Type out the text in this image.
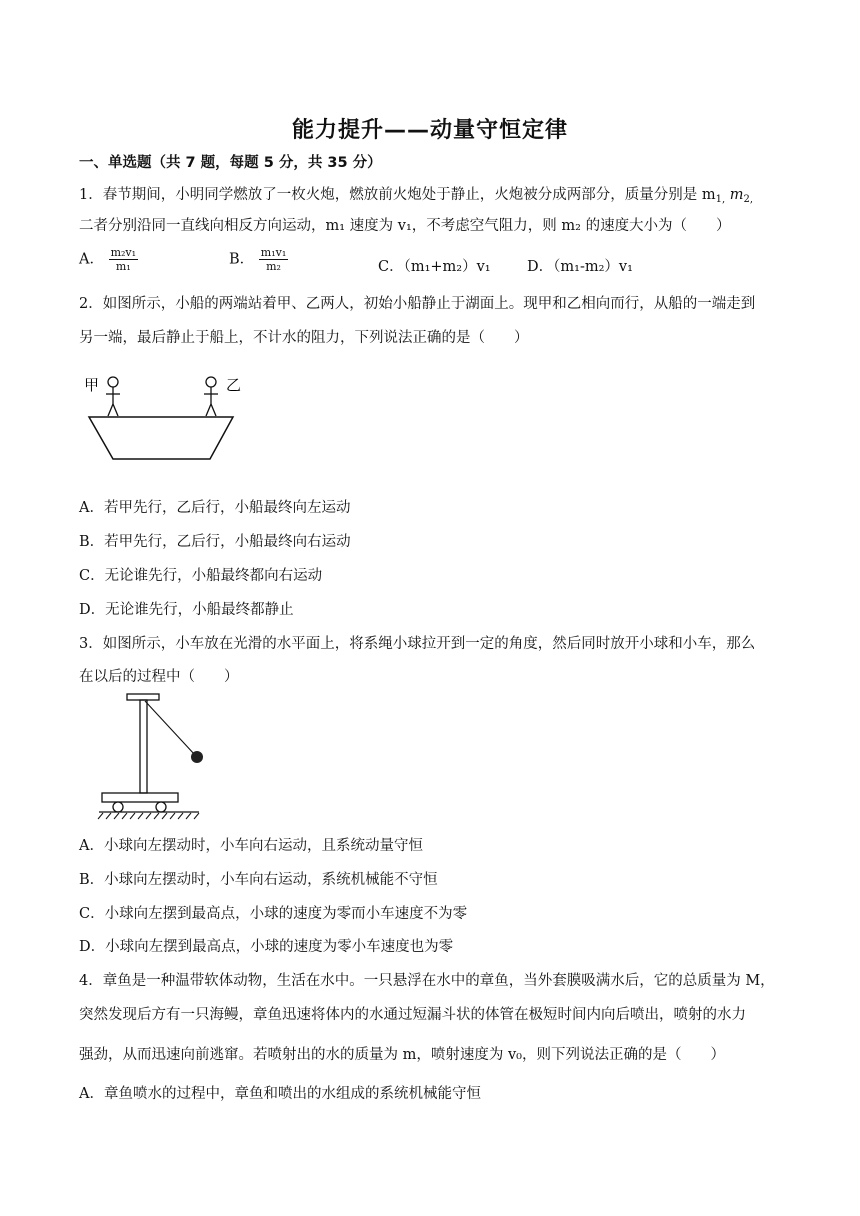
能力提升——动量守恒定律
一、单选题（共 7 题，每题 5 分，共 35 分）
1．春节期间，小明同学燃放了一枚火炮，燃放前火炮处于静止，火炮被分成两部分，质量分别是 $m_{1,}$ $m_{2,}$
二者分别沿同一直线向相反方向运动，m₁ 速度为 v₁，不考虑空气阻力，则 m₂ 的速度大小为（　　）
A． $\frac{\text{m₂v₁}}{\text{m₁}}$	B． $\frac{\text{m₁v₁}}{\text{m₂}}$	C．（m₁+m₂）v₁	D．（m₁-m₂）v₁
2．如图所示，小船的两端站着甲、乙两人，初始小船静止于湖面上。现甲和乙相向而行，从船的一端走到
另一端，最后静止于船上，不计水的阻力，下列说法正确的是（　　）
甲	乙
A．若甲先行，乙后行，小船最终向左运动
B．若甲先行，乙后行，小船最终向右运动
C．无论谁先行，小船最终都向右运动
D．无论谁先行，小船最终都静止
3．如图所示，小车放在光滑的水平面上，将系绳小球拉开到一定的角度，然后同时放开小球和小车，那么
在以后的过程中（　　）
A．小球向左摆动时，小车向右运动，且系统动量守恒
B．小球向左摆动时，小车向右运动，系统机械能不守恒
C．小球向左摆到最高点，小球的速度为零而小车速度不为零
D．小球向左摆到最高点，小球的速度为零小车速度也为零
4．章鱼是一种温带软体动物，生活在水中。一只悬浮在水中的章鱼，当外套膜吸满水后，它的总质量为 M，
突然发现后方有一只海鳗，章鱼迅速将体内的水通过短漏斗状的体管在极短时间内向后喷出，喷射的水力
强劲，从而迅速向前逃窜。若喷射出的水的质量为 m，喷射速度为 v₀，则下列说法正确的是（　　）
A．章鱼喷水的过程中，章鱼和喷出的水组成的系统机械能守恒
